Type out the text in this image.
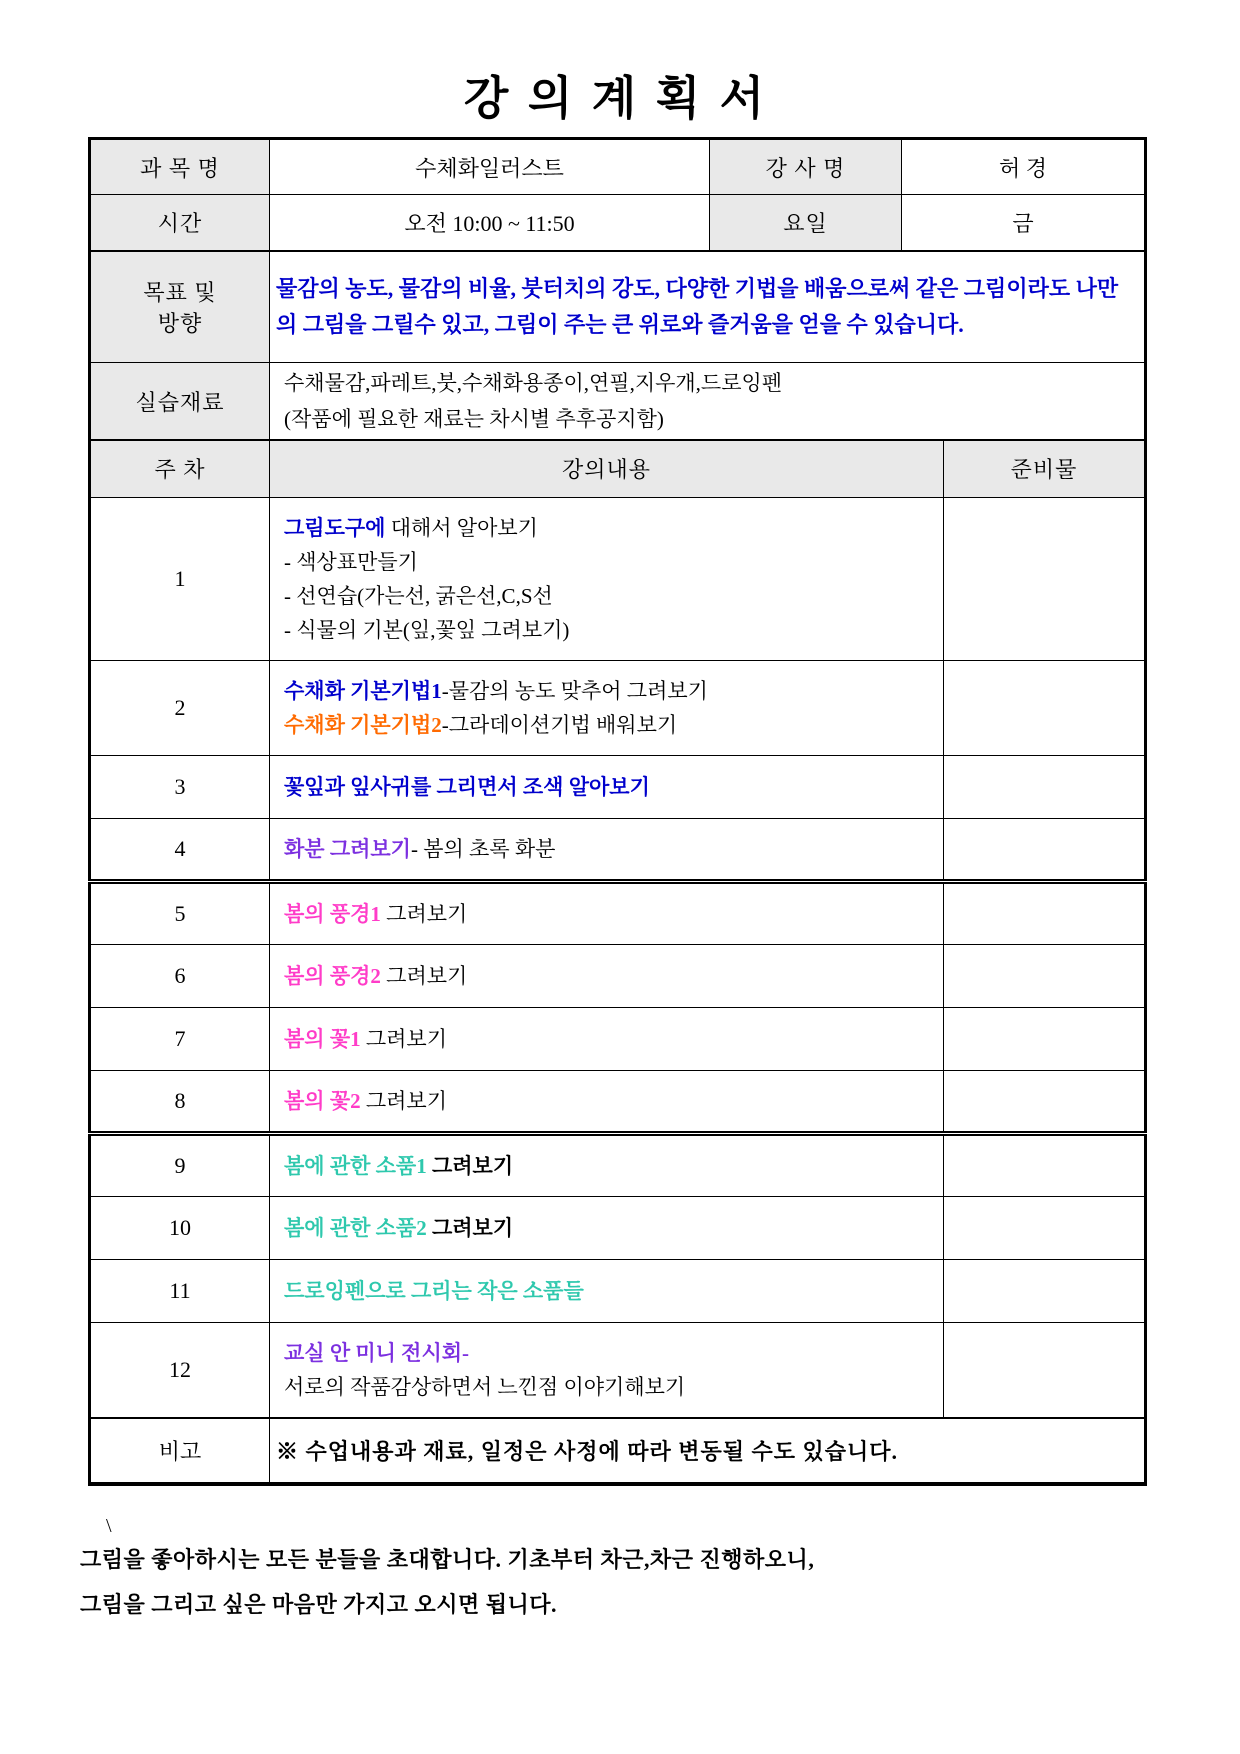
강 의 계 획 서
과 목 명	수체화일러스트	강 사 명	허 경	
시간	오전 10:00 ~ 11:50	요일	금	

목표 및
방향	물감의 농도, 물감의 비율, 붓터치의 강도, 다양한 기법을 배움으로써 같은 그림이라도 나만의 그림을 그릴수 있고, 그림이 주는 큰 위로와 즐거움을 얻을 수 있습니다.			
실습재료	수채물감,파레트,붓,수채화용종이,연필,지우개,드로잉펜
(작품에 필요한 재료는 차시별 추후공지함)			

주 차	강의내용			준비물
1	그림도구에 대해서 알아보기
- 색상표만들기
- 선연습(가는선, 굵은선,C,S선
- 식물의 기본(잎,꽃잎 그려보기)			

2	수채화 기본기법1-물감의 농도 맞추어 그려보기
수채화 기본기법2-그라데이션기법 배워보기			

3	꽃잎과 잎사귀를 그리면서 조색 알아보기			

4	화분 그려보기- 봄의 초록 화분			

5	봄의 풍경1 그려보기			

6	봄의 풍경2 그려보기			

7	봄의 꽃1 그려보기			

8	봄의 꽃2 그려보기			

9	봄에 관한 소품1 그려보기			

10	봄에 관한 소품2 그려보기			

11	드로잉펜으로 그리는 작은 소품들			

12	교실 안 미니 전시회-
서로의 작품감상하면서 느낀점 이야기해보기			

비고	※ 수업내용과 재료, 일정은 사정에 따라 변동될 수도 있습니다.			
\
그림을 좋아하시는 모든 분들을 초대합니다. 기초부터 차근,차근 진행하오니,
그림을 그리고 싶은 마음만 가지고 오시면 됩니다.
